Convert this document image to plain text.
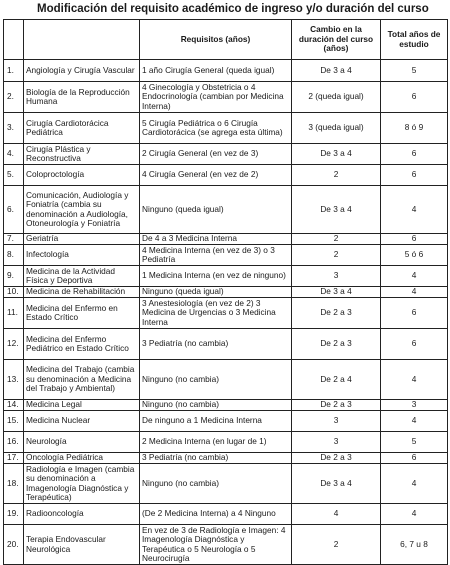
Modificación del requisito académico de ingreso y/o duración del curso
		Requisitos (años)	Cambio en la duración del curso (años)	Total años de estudio
1.	Angiología y Cirugía Vascular	1 año Cirugía General (queda igual)	De 3 a 4	5
2.	Biología de la Reproducción Humana	4 Ginecología y Obstetricia o 4 Endocrinología (cambian por Medicina Interna)	2 (queda igual)	6
3.	Cirugía Cardiotorácica Pediátrica	5 Cirugía Pediátrica o 6 Cirugía Cardiotorácica (se agrega esta última)	3 (queda igual)	8 ó 9
4.	Cirugía Plástica y Reconstructiva	2 Cirugía General (en vez de 3)	De 3 a 4	6
5.	Coloproctología	4 Cirugía General (en vez de 2)	2	6
6.	Comunicación, Audiología y Foniatría (cambia su denominación a Audiología, Otoneurología y Foniatría	Ninguno (queda igual)	De 3 a 4	4
7.	Geriatría	De 4 a 3 Medicina Interna	2	6
8.	Infectología	4 Medicina Interna (en vez de 3) o 3 Pediatría	2	5 ó 6
9.	Medicina de la Actividad Física y Deportiva	1 Medicina Interna (en vez de ninguno)	3	4
10.	Medicina de Rehabilitación	Ninguno (queda igual)	De 3 a 4	4
11.	Medicina del Enfermo en Estado Crítico	3 Anestesiología (en vez de 2) 3 Medicina de Urgencias o 3 Medicina Interna	De 2 a 3	6
12.	Medicina del Enfermo Pediátrico en Estado Crítico	3 Pediatría (no cambia)	De 2 a 3	6
13.	Medicina del Trabajo (cambia su denominación a Medicina del Trabajo y Ambiental)	Ninguno (no cambia)	De 2 a 4	4
14.	Medicina Legal	Ninguno (no cambia)	De 2 a 3	3
15.	Medicina Nuclear	De ninguno a 1 Medicina Interna	3	4
16.	Neurología	2 Medicina Interna (en lugar de 1)	3	5
17.	Oncología Pediátrica	3 Pediatría (no cambia)	De 2 a 3	6
18.	Radiología e Imagen (cambia su denominación a Imagenología Diagnóstica y Terapéutica)	Ninguno (no cambia)	De 3 a 4	4
19.	Radiooncología	(De 2 Medicina Interna) a 4 Ninguno	4	4
20.	Terapia Endovascular Neurológica	En vez de 3 de Radiología e Imagen: 4 Imagenología Diagnóstica y Terapéutica o 5 Neurología o 5 Neurocirugía	2	6, 7 u 8
